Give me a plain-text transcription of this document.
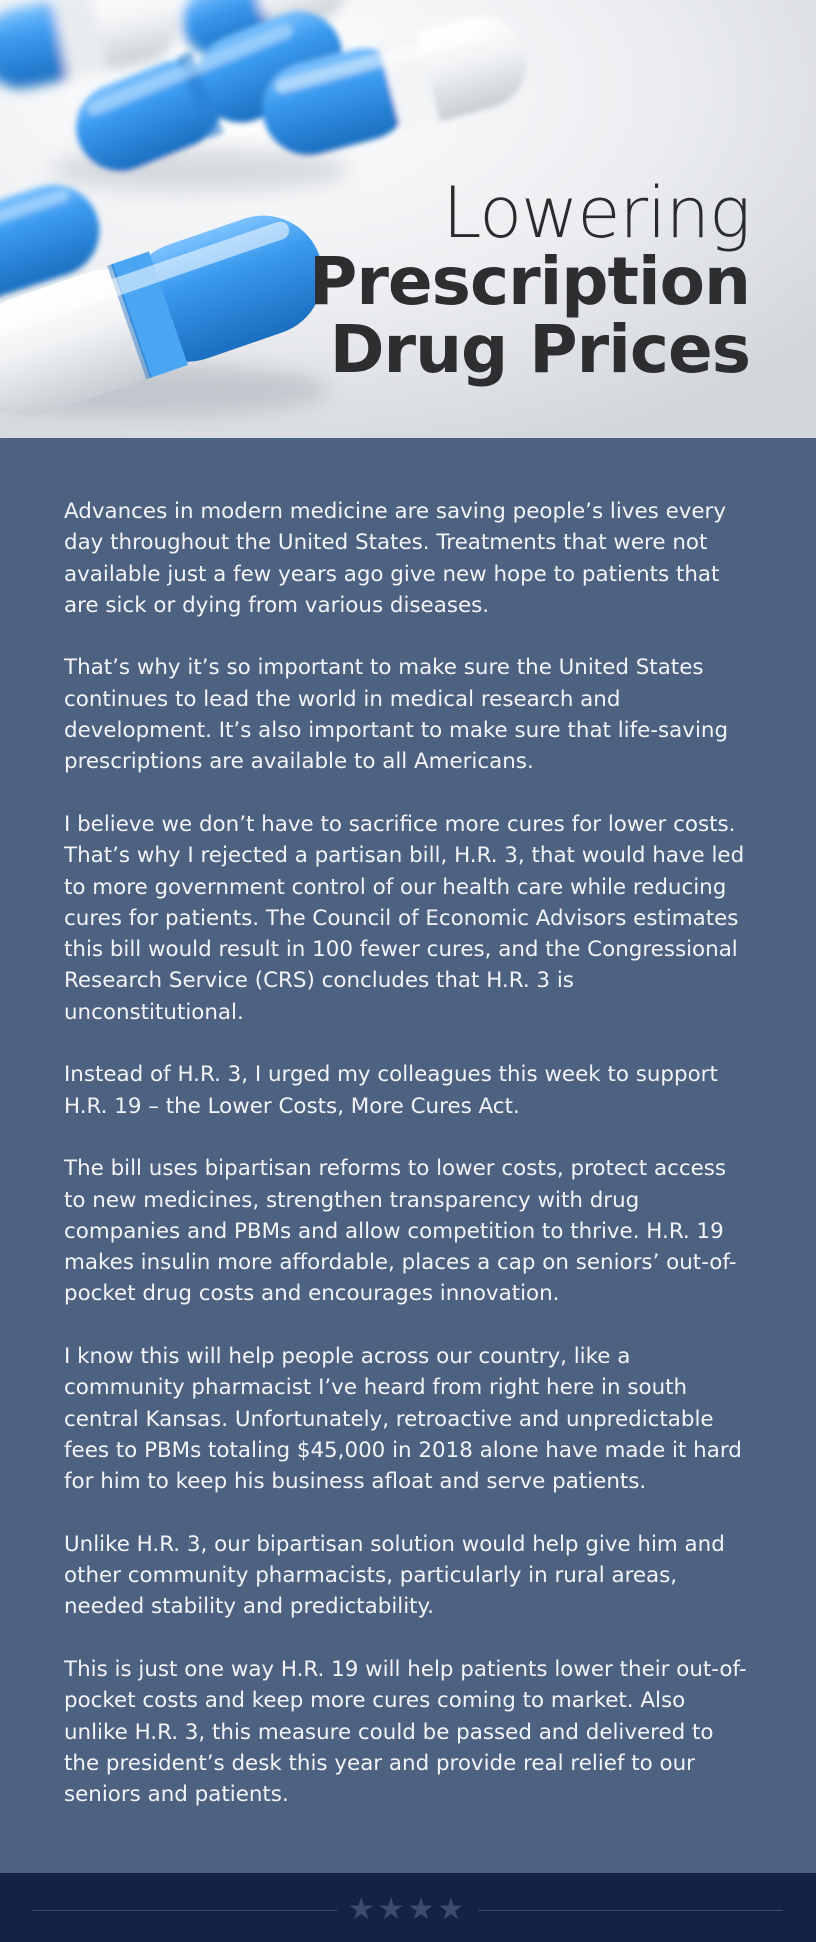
Lowering
Prescription
Drug Prices

Advances in modern medicine are saving people’s lives every day throughout the United States. Treatments that were not available just a few years ago give new hope to patients that are sick or dying from various diseases.

That’s why it’s so important to make sure the United States continues to lead the world in medical research and development. It’s also important to make sure that life-saving prescriptions are available to all Americans.

I believe we don’t have to sacrifice more cures for lower costs. That’s why I rejected a partisan bill, H.R. 3, that would have led to more government control of our health care while reducing cures for patients. The Council of Economic Advisors estimates this bill would result in 100 fewer cures, and the Congressional Research Service (CRS) concludes that H.R. 3 is unconstitutional.

Instead of H.R. 3, I urged my colleagues this week to support H.R. 19 – the Lower Costs, More Cures Act.

The bill uses bipartisan reforms to lower costs, protect access to new medicines, strengthen transparency with drug companies and PBMs and allow competition to thrive. H.R. 19 makes insulin more affordable, places a cap on seniors’ out-of-pocket drug costs and encourages innovation.

I know this will help people across our country, like a community pharmacist I’ve heard from right here in south central Kansas. Unfortunately, retroactive and unpredictable fees to PBMs totaling $45,000 in 2018 alone have made it hard for him to keep his business afloat and serve patients.

Unlike H.R. 3, our bipartisan solution would help give him and other community pharmacists, particularly in rural areas, needed stability and predictability.

This is just one way H.R. 19 will help patients lower their out-of-pocket costs and keep more cures coming to market. Also unlike H.R. 3, this measure could be passed and delivered to the president’s desk this year and provide real relief to our seniors and patients.

★★★★
